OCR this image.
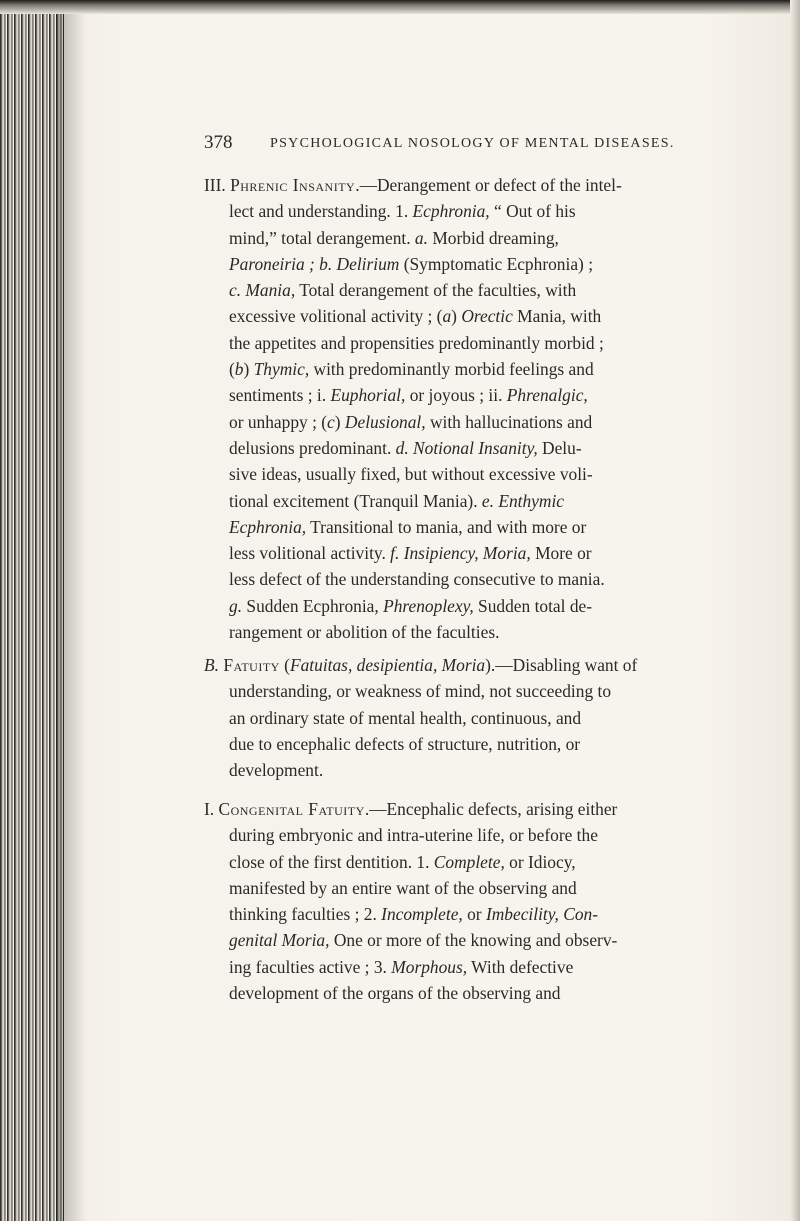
378	PSYCHOLOGICAL NOSOLOGY OF MENTAL DISEASES.
III. Phrenic Insanity.—Derangement or defect of the intel-
lect and understanding. 1. Ecphronia, “ Out of his
mind,” total derangement. a. Morbid dreaming,
Paroneiria ; b. Delirium (Symptomatic Ecphronia) ;
c. Mania, Total derangement of the faculties, with
excessive volitional activity ; (a) Orectic Mania, with
the appetites and propensities predominantly morbid ;
(b) Thymic, with predominantly morbid feelings and
sentiments ; i. Euphorial, or joyous ; ii. Phrenalgic,
or unhappy ; (c) Delusional, with hallucinations and
delusions predominant. d. Notional Insanity, Delu-
sive ideas, usually fixed, but without excessive voli-
tional excitement (Tranquil Mania). e. Enthymic
Ecphronia, Transitional to mania, and with more or
less volitional activity. f. Insipiency, Moria, More or
less defect of the understanding consecutive to mania.
g. Sudden Ecphronia, Phrenoplexy, Sudden total de-
rangement or abolition of the faculties.
B. Fatuity (Fatuitas, desipientia, Moria).—Disabling want of
understanding, or weakness of mind, not succeeding to
an ordinary state of mental health, continuous, and
due to encephalic defects of structure, nutrition, or
development.
I. Congenital Fatuity.—Encephalic defects, arising either
during embryonic and intra-uterine life, or before the
close of the first dentition. 1. Complete, or Idiocy,
manifested by an entire want of the observing and
thinking faculties ; 2. Incomplete, or Imbecility, Con-
genital Moria, One or more of the knowing and observ-
ing faculties active ; 3. Morphous, With defective
development of the organs of the observing and
